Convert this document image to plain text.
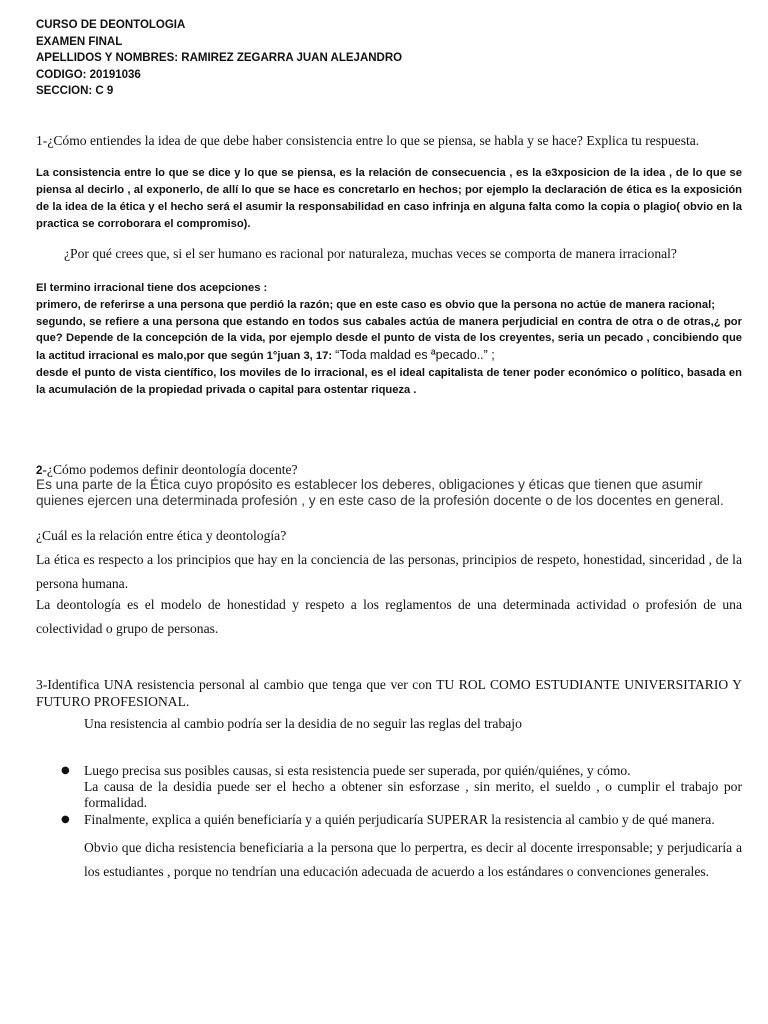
CURSO DE DEONTOLOGIA
EXAMEN FINAL
APELLIDOS Y NOMBRES: RAMIREZ ZEGARRA JUAN ALEJANDRO
CODIGO: 20191036
SECCION: C 9

1-¿Cómo entiendes la idea de que debe haber consistencia entre lo que se piensa, se habla y se hace? Explica tu respuesta.

La consistencia entre lo que se dice y lo que se piensa, es la relación de consecuencia , es la e3xposicion de la idea , de lo que se piensa al decirlo , al exponerlo, de allí lo que se hace es concretarlo en hechos; por ejemplo la declaración de ética es la exposición de la idea de la ética y el hecho será el asumir la responsabilidad en caso infrinja en alguna falta como la copia o plagio( obvio en la practica se corroborara el compromiso).

¿Por qué crees que, si el ser humano es racional por naturaleza, muchas veces se comporta de manera irracional?

El termino irracional tiene dos acepciones :

primero, de referirse a una persona que perdió la razón; que en este caso es obvio que la persona no actúe de manera racional;

segundo, se refiere a una persona que estando en todos sus cabales actúa de manera perjudicial en contra de otra o de otras,¿ por que? Depende de la concepción de la vida, por ejemplo desde el punto de vista de los creyentes, seria un pecado , concibiendo que la actitud irracional es malo,por que según 1°juan 3, 17: “Toda maldad es ªpecado..” ;

desde el punto de vista científico, los moviles de lo irracional, es el ideal capitalista de tener poder económico o político, basada en la acumulación de la propiedad privada o capital para ostentar riqueza .

2-¿Cómo podemos definir deontología docente?

Es una parte de la Ética cuyo propósito es establecer los deberes, obligaciones y éticas que tienen que asumir quienes ejercen una determinada profesión , y en este caso de la profesión docente o de los docentes en general.

¿Cuál es la relación entre ética y deontología?

La ética es respecto a los principios que hay en la conciencia de las personas, principios de respeto, honestidad, sinceridad , de la persona humana.

La deontología es el modelo de honestidad y respeto a los reglamentos de una determinada actividad o profesión de una colectividad o grupo de personas.

3-Identifica UNA resistencia personal al cambio que tenga que ver con TU ROL COMO ESTUDIANTE UNIVERSITARIO Y FUTURO PROFESIONAL.

Una resistencia al cambio podría ser la desidia de no seguir las reglas del trabajo

● Luego precisa sus posibles causas, si esta resistencia puede ser superada, por quién/quiénes, y cómo.

La causa de la desidia puede ser el hecho a obtener sin esforzase , sin merito, el sueldo , o cumplir el trabajo por formalidad.

● Finalmente, explica a quién beneficiaría y a quién perjudicaría SUPERAR la resistencia al cambio y de qué manera.

Obvio que dicha resistencia beneficiaria a la persona que lo perpertra, es decir al docente irresponsable; y perjudicaría a los estudiantes , porque no tendrían una educación adecuada de acuerdo a los estándares o convenciones generales.
